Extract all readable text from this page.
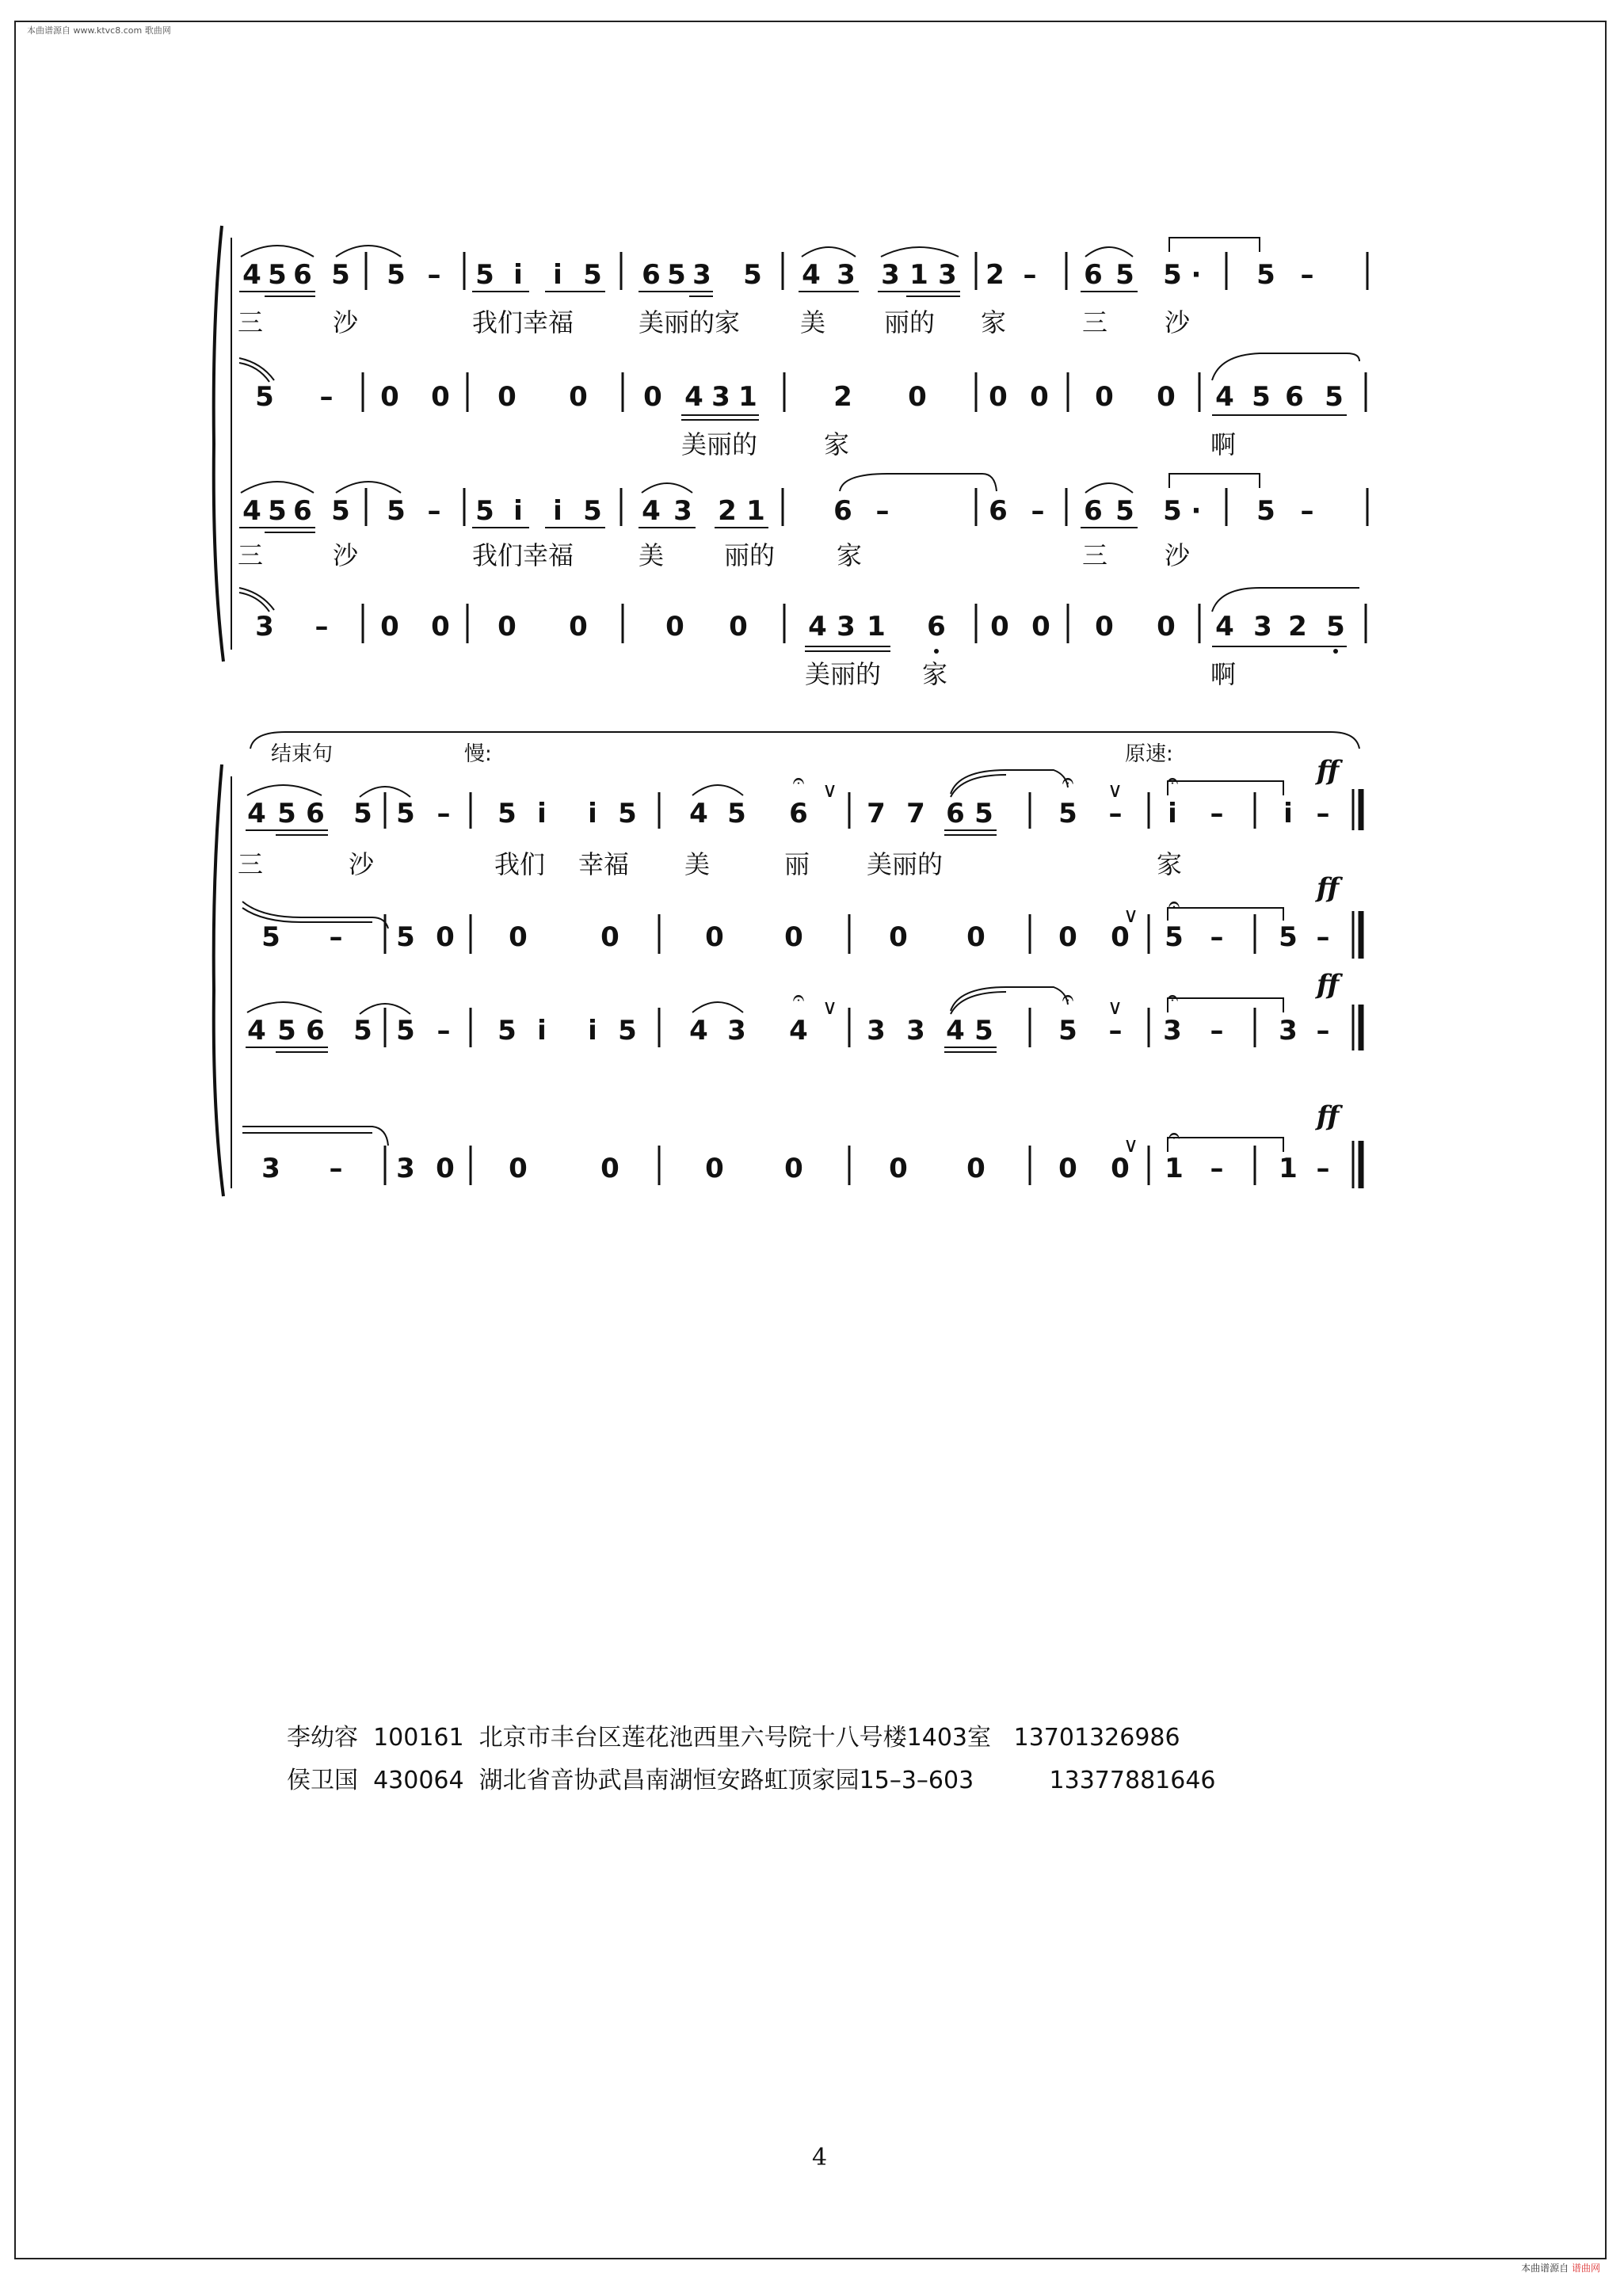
本曲谱源自 www.ktvc8.com 歌曲网
本曲谱源自 谱曲网
4 5 6 5 5 – 5 i i 5 6 5 3 5 4 3 3 1 3 2 – 6 5 5 · 5 –
三	沙	我们幸福	美丽的家 美 丽的 家	三 沙
5 – 0 0 0 0 0 4 3 1	2 0 0 0 0 0 4 5 6 5
美丽的	家	啊
4 5 6 5 5 – 5 i i 5 4 3 2 1	6 –	6 – 6 5 5 · 5 –
三	沙	我们幸福	美 丽的 家	三 沙
3 – 0 0 0 0	0 0 4 3 1 6 0 0 0 0 4 3 2 5
美丽的 家	啊
结束句	慢:	原速:
ff
ff
ff
ff
4 5 6 5 5 – 5 i i 5 4 5 6 7 7 6 5 5 – i – i –
∨	∨
𝄐	𝄐	𝄐
三	沙	我们 幸福 美	丽 美丽的	家
5 – 5 0 0	0	0 0	0 0	0 0 5 – 5 –
∨ 𝄐
4 5 6 5 5 – 5 i i 5 4 3 4 3 3 4 5 5 – 3 – 3 –
∨	∨
𝄐	𝄐	𝄐
3 – 3 0 0	0	0 0	0 0	0 0 1 – 1 –
∨ 𝄐
李幼容  100161  北京市丰台区莲花池西里六号院十八号楼1403室   13701326986
侯卫国  430064  湖北省音协武昌南湖恒安路虹顶家园15–3–603          13377881646
4
